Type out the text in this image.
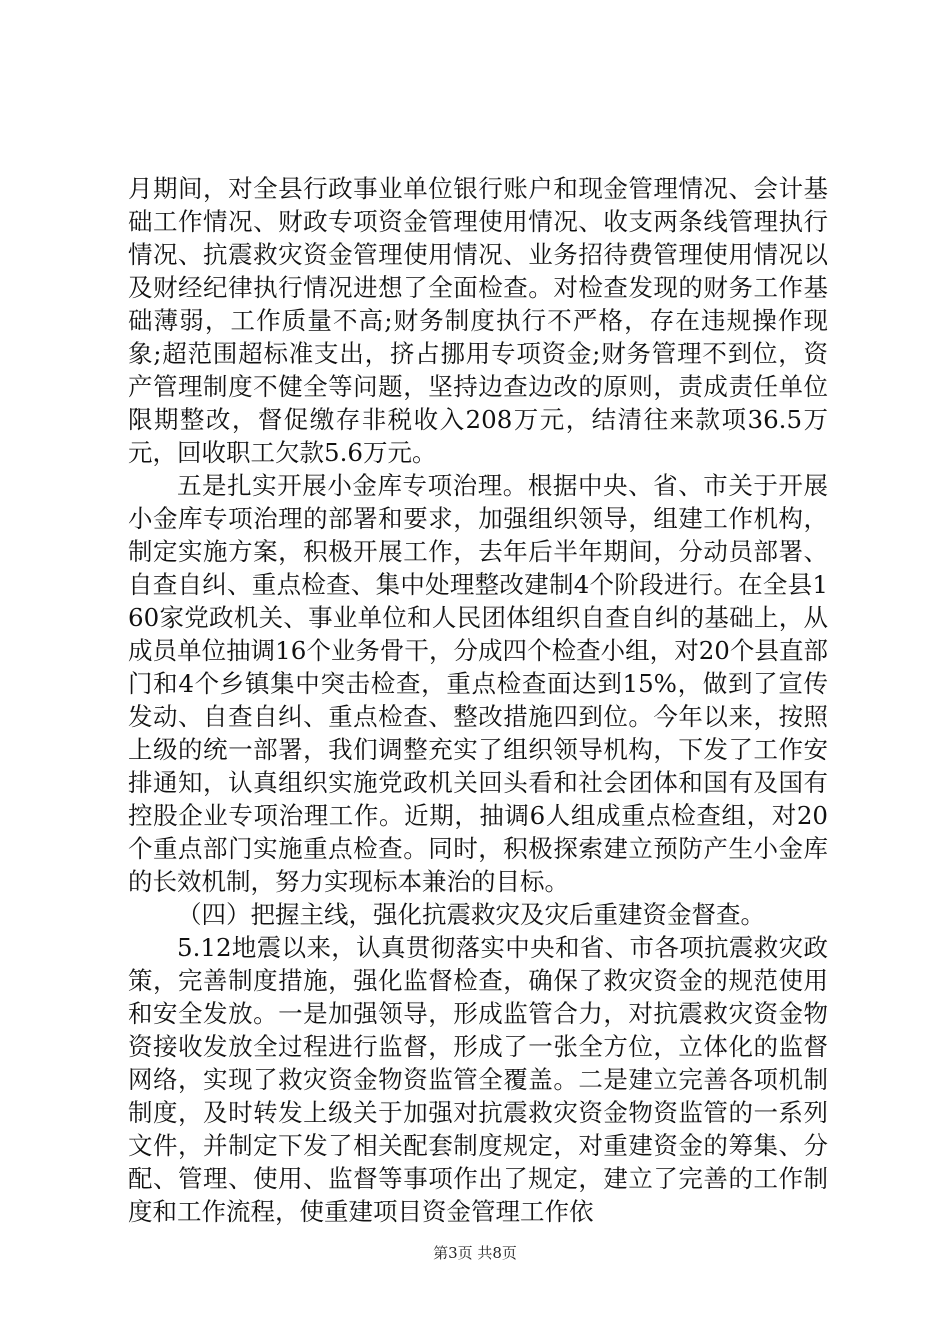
月期间，对全县行政事业单位银行账户和现金管理情况、会计基础工作情况、财政专项资金管理使用情况、收支两条线管理执行情况、抗震救灾资金管理使用情况、业务招待费管理使用情况以及财经纪律执行情况进想了全面检查。对检查发现的财务工作基础薄弱，工作质量不高;财务制度执行不严格，存在违规操作现象;超范围超标准支出，挤占挪用专项资金;财务管理不到位，资产管理制度不健全等问题，坚持边查边改的原则，责成责任单位限期整改，督促缴存非税收入208万元，结清往来款项36.5万元，回收职工欠款5.6万元。

五是扎实开展小金库专项治理。根据中央、省、市关于开展小金库专项治理的部署和要求，加强组织领导，组建工作机构，制定实施方案，积极开展工作，去年后半年期间，分动员部署、自查自纠、重点检查、集中处理整改建制4个阶段进行。在全县160家党政机关、事业单位和人民团体组织自查自纠的基础上，从成员单位抽调16个业务骨干，分成四个检查小组，对20个县直部门和4个乡镇集中突击检查，重点检查面达到15%，做到了宣传发动、自查自纠、重点检查、整改措施四到位。今年以来，按照上级的统一部署，我们调整充实了组织领导机构，下发了工作安排通知，认真组织实施党政机关回头看和社会团体和国有及国有控股企业专项治理工作。近期，抽调6人组成重点检查组，对20个重点部门实施重点检查。同时，积极探索建立预防产生小金库的长效机制，努力实现标本兼治的目标。

（四）把握主线，强化抗震救灾及灾后重建资金督查。

5.12地震以来，认真贯彻落实中央和省、市各项抗震救灾政策，完善制度措施，强化监督检查，确保了救灾资金的规范使用和安全发放。一是加强领导，形成监管合力，对抗震救灾资金物资接收发放全过程进行监督，形成了一张全方位，立体化的监督网络，实现了救灾资金物资监管全覆盖。二是建立完善各项机制制度，及时转发上级关于加强对抗震救灾资金物资监管的一系列文件，并制定下发了相关配套制度规定，对重建资金的筹集、分配、管理、使用、监督等事项作出了规定，建立了完善的工作制度和工作流程，使重建项目资金管理工作依

第3页 共8页
